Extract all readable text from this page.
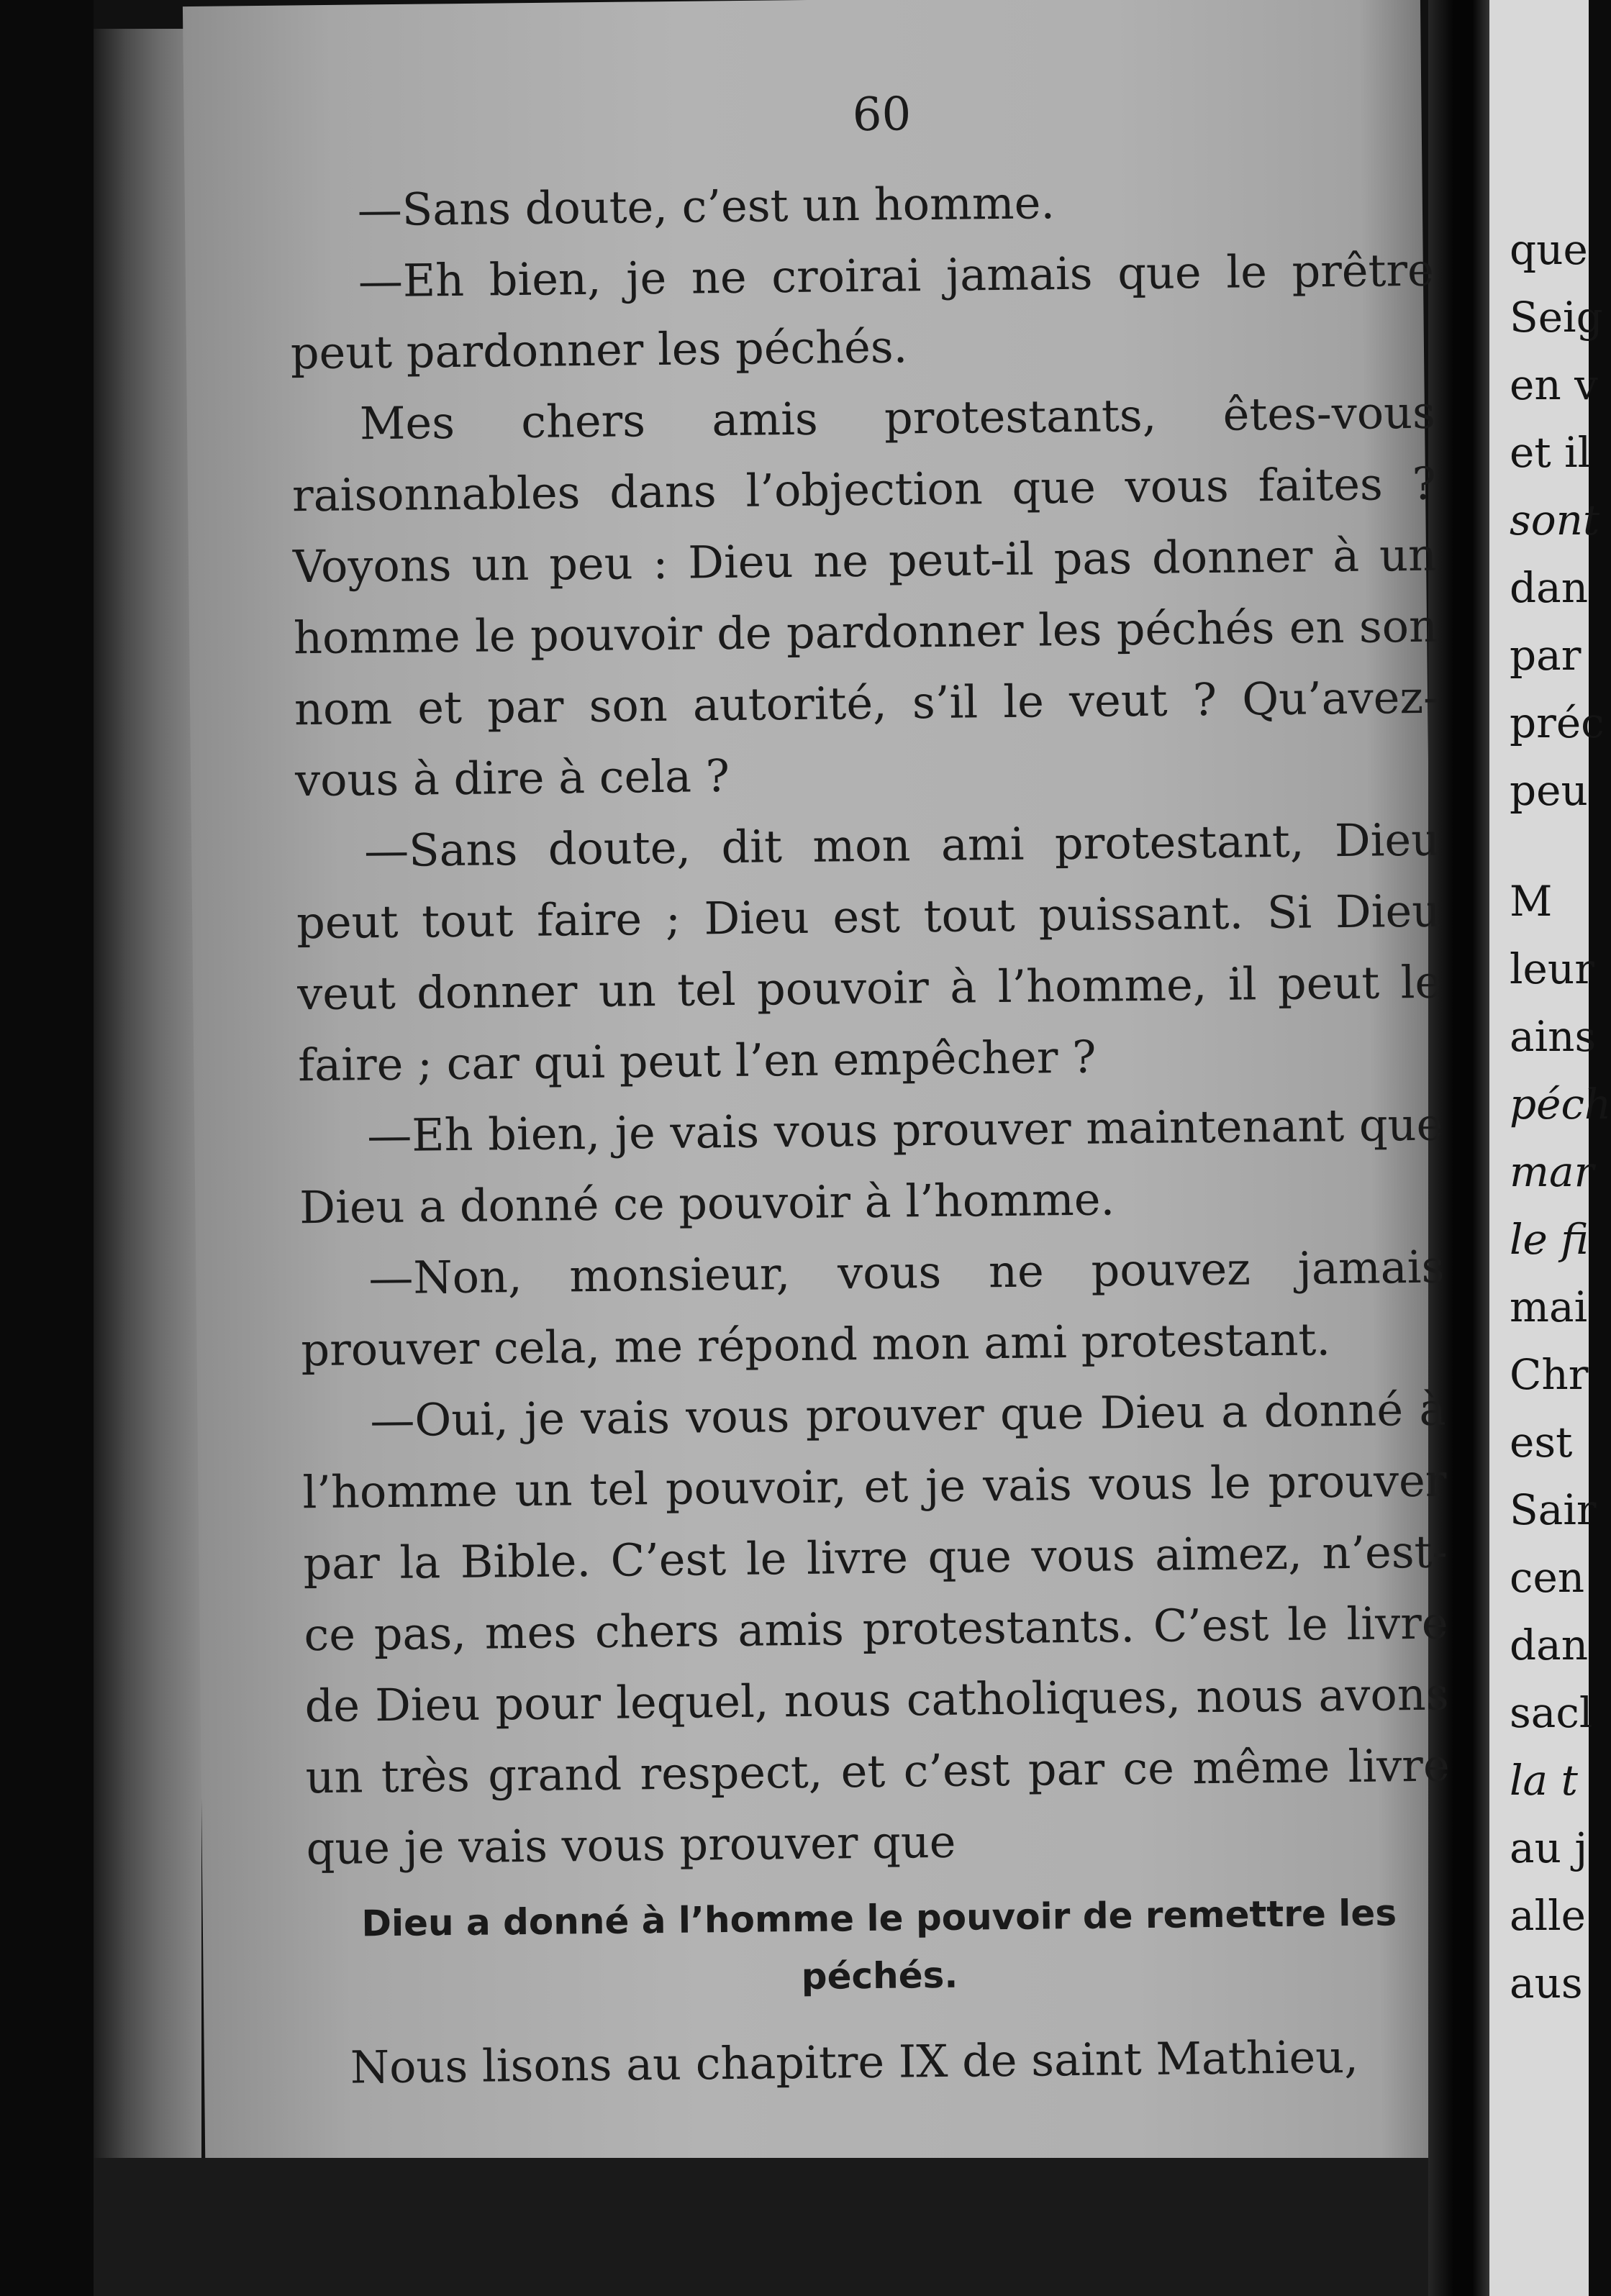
que
Seig
en v
et il
sont
dan
par
préc
peu
M
leur
ains
péch
mar
le fi
mai
Chr
est
Sair
cen
dan
sacl
la t
au j
alle
aus
60

—Sans doute, c’est un homme.

—Eh bien, je ne croirai jamais que le prêtre peut pardonner les péchés.

Mes chers amis protestants, êtes-vous raisonnables dans l’objection que vous faites ? Voyons un peu : Dieu ne peut-il pas donner à un homme le pouvoir de pardonner les péchés en son nom et par son autorité, s’il le veut ? Qu’avez-vous à dire à cela ?

—Sans doute, dit mon ami protestant, Dieu peut tout faire ; Dieu est tout puissant. Si Dieu veut donner un tel pouvoir à l’homme, il peut le faire ; car qui peut l’en empêcher ?

—Eh bien, je vais vous prouver maintenant que Dieu a donné ce pouvoir à l’homme.

—Non, monsieur, vous ne pouvez jamais prouver cela, me répond mon ami protestant.

—Oui, je vais vous prouver que Dieu a donné à l’homme un tel pouvoir, et je vais vous le prouver par la Bible. C’est le livre que vous aimez, n’est-ce pas, mes chers amis protestants. C’est le livre de Dieu pour lequel, nous catholiques, nous avons un très grand respect, et c’est par ce même livre que je vais vous prouver que

Dieu a donné à l’homme le pouvoir de remettre les péchés.

Nous lisons au chapitre IX de saint Mathieu,
